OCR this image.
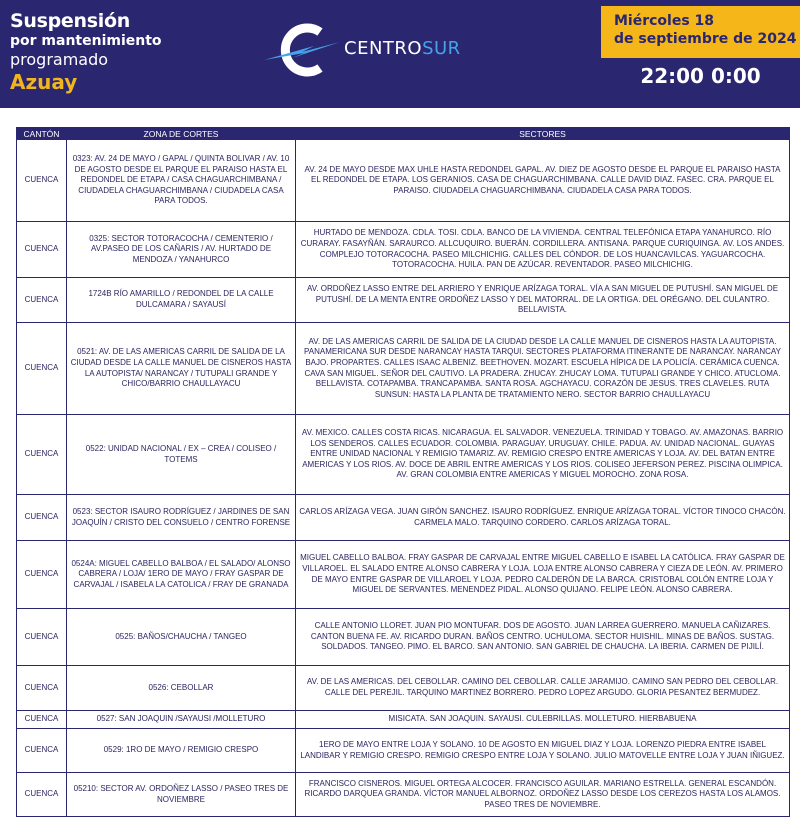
Suspensión
por mantenimiento
programado
Azuay
CENTROSUR
Miércoles 18
de septiembre de 2024
22:00 0:00
CANTÓN	ZONA DE CORTES	SECTORES
CUENCA	0323: AV. 24 DE MAYO / GAPAL / QUINTA BOLIVAR / AV. 10 DE AGOSTO DESDE EL PARQUE EL PARAISO HASTA EL REDONDEL DE ETAPA / CASA CHAGUARCHIMBANA / CIUDADELA CHAGUARCHIMBANA / CIUDADELA CASA PARA TODOS.	AV. 24 DE MAYO DESDE MAX UHLE HASTA REDONDEL GAPAL. AV. DIEZ DE AGOSTO DESDE EL PARQUE EL PARAISO HASTA EL REDONDEL DE ETAPA. LOS GERANIOS. CASA DE CHAGUARCHIMBANA. CALLE DAVID DIAZ. FASEC. CRA. PARQUE EL PARAISO. CIUDADELA CHAGUARCHIMBANA. CIUDADELA CASA PARA TODOS.
CUENCA	0325: SECTOR TOTORACOCHA / CEMENTERIO / AV.PASEO DE LOS CAÑARIS / AV. HURTADO DE MENDOZA / YANAHURCO	HURTADO DE MENDOZA. CDLA. TOSI. CDLA. BANCO DE LA VIVIENDA. CENTRAL TELEFÓNICA ETAPA YANAHURCO. RÍO CURARAY. FASAYÑÁN. SARAURCO. ALLCUQUIRO. BUERÁN. CORDILLERA. ANTISANA. PARQUE CURIQUINGA. AV. LOS ANDES. COMPLEJO TOTORACOCHA. PASEO MILCHICHIG. CALLES DEL CÓNDOR. DE LOS HUANCAVILCAS. YAGUARCOCHA. TOTORACOCHA. HUILA. PAN DE AZÚCAR. REVENTADOR. PASEO MILCHICHIG.
CUENCA	1724B RÍO AMARILLO / REDONDEL DE LA CALLE DULCAMARA / SAYAUSÍ	AV. ORDOÑEZ LASSO ENTRE DEL ARRIERO Y ENRIQUE ARÍZAGA TORAL. VÍA A SAN MIGUEL DE PUTUSHÍ. SAN MIGUEL DE PUTUSHÍ. DE LA MENTA ENTRE ORDOÑEZ LASSO Y DEL MATORRAL. DE LA ORTIGA. DEL ORÉGANO. DEL CULANTRO. BELLAVISTA.
CUENCA	0521: AV. DE LAS AMERICAS CARRIL DE SALIDA DE LA CIUDAD DESDE LA CALLE MANUEL DE CISNEROS HASTA LA AUTOPISTA/ NARANCAY / TUTUPALI GRANDE Y CHICO/BARRIO CHAULLAYACU	AV. DE LAS AMERICAS CARRIL DE SALIDA DE LA CIUDAD DESDE LA CALLE MANUEL DE CISNEROS HASTA LA AUTOPISTA. PANAMERICANA SUR DESDE NARANCAY HASTA TARQUI. SECTORES PLATAFORMA ITINERANTE DE NARANCAY. NARANCAY BAJO. PROPARTES. CALLES ISAAC ALBENIZ. BEETHOVEN. MOZART. ESCUELA HÍPICA DE LA POLICÍA. CERÁMICA CUENCA. CAVA SAN MIGUEL. SEÑOR DEL CAUTIVO. LA PRADERA. ZHUCAY. ZHUCAY LOMA. TUTUPALI GRANDE Y CHICO. ATUCLOMA. BELLAVISTA. COTAPAMBA. TRANCAPAMBA. SANTA ROSA. AGCHAYACU. CORAZÓN DE JESUS. TRES CLAVELES. RUTA SUNSUN: HASTA LA PLANTA DE TRATAMIENTO NERO. SECTOR BARRIO CHAULLAYACU
CUENCA	0522: UNIDAD NACIONAL / EX – CREA / COLISEO / TOTEMS	AV. MEXICO. CALLES COSTA RICAS. NICARAGUA. EL SALVADOR. VENEZUELA. TRINIDAD Y TOBAGO. AV. AMAZONAS. BARRIO LOS SENDEROS. CALLES ECUADOR. COLOMBIA. PARAGUAY. URUGUAY. CHILE. PADUA. AV. UNIDAD NACIONAL. GUAYAS ENTRE UNIDAD NACIONAL Y REMIGIO TAMARIZ. AV. REMIGIO CRESPO ENTRE AMERICAS Y LOJA. AV. DEL BATAN ENTRE AMERICAS Y LOS RIOS. AV. DOCE DE ABRIL ENTRE AMERICAS Y LOS RIOS. COLISEO JEFERSON PEREZ. PISCINA OLIMPICA. AV. GRAN COLOMBIA ENTRE AMERICAS Y MIGUEL MOROCHO. ZONA ROSA.
CUENCA	0523: SECTOR ISAURO RODRÍGUEZ / JARDINES DE SAN JOAQUÍN / CRISTO DEL CONSUELO / CENTRO FORENSE	CARLOS ARÍZAGA VEGA. JUAN GIRÓN SANCHEZ. ISAURO RODRÍGUEZ. ENRIQUE ARÍZAGA TORAL. VÍCTOR TINOCO CHACÓN. CARMELA MALO. TARQUINO CORDERO. CARLOS ARÍZAGA TORAL.
CUENCA	0524A: MIGUEL CABELLO BALBOA / EL SALADO/ ALONSO CABRERA / LOJA/ 1ERO DE MAYO / FRAY GASPAR DE CARVAJAL / ISABELA LA CATOLICA / FRAY DE GRANADA	MIGUEL CABELLO BALBOA. FRAY GASPAR DE CARVAJAL ENTRE MIGUEL CABELLO E ISABEL LA CATÓLICA. FRAY GASPAR DE VILLAROEL. EL SALADO ENTRE ALONSO CABRERA Y LOJA. LOJA ENTRE ALONSO CABRERA Y CIEZA DE LEÓN. AV. PRIMERO DE MAYO ENTRE GASPAR DE VILLAROEL Y LOJA. PEDRO CALDERÓN DE LA BARCA. CRISTOBAL COLÓN ENTRE LOJA Y MIGUEL DE SERVANTES. MENENDEZ PIDAL. ALONSO QUIJANO. FELIPE LEÓN. ALONSO CABRERA.
CUENCA	0525: BAÑOS/CHAUCHA / TANGEO	CALLE ANTONIO LLORET. JUAN PIO MONTUFAR. DOS DE AGOSTO. JUAN LARREA GUERRERO. MANUELA CAÑIZARES. CANTON BUENA FE. AV. RICARDO DURAN. BAÑOS CENTRO. UCHULOMA. SECTOR HUISHIL. MINAS DE BAÑOS. SUSTAG. SOLDADOS. TANGEO. PIMO. EL BARCO. SAN ANTONIO. SAN GABRIEL DE CHAUCHA. LA IBERIA. CARMEN DE PIJILÍ.
CUENCA	0526: CEBOLLAR	AV. DE LAS AMERICAS. DEL CEBOLLAR. CAMINO DEL CEBOLLAR. CALLE JARAMIJO. CAMINO SAN PEDRO DEL CEBOLLAR. CALLE DEL PEREJIL. TARQUINO MARTINEZ BORRERO. PEDRO LOPEZ ARGUDO. GLORIA PESANTEZ BERMUDEZ.
CUENCA	0527: SAN JOAQUIN /SAYAUSI /MOLLETURO	MISICATA. SAN JOAQUIN. SAYAUSI. CULEBRILLAS. MOLLETURO. HIERBABUENA
CUENCA	0529: 1RO DE MAYO / REMIGIO CRESPO	1ERO DE MAYO ENTRE LOJA Y SOLANO. 10 DE AGOSTO EN MIGUEL DIAZ Y LOJA. LORENZO PIEDRA ENTRE ISABEL LANDIBAR Y REMIGIO CRESPO. REMIGIO CRESPO ENTRE LOJA Y SOLANO. JULIO MATOVELLE ENTRE LOJA Y JUAN IÑIGUEZ.
CUENCA	05210: SECTOR AV. ORDOÑEZ LASSO / PASEO TRES DE NOVIEMBRE	FRANCISCO CISNEROS. MIGUEL ORTEGA ALCOCER. FRANCISCO AGUILAR. MARIANO ESTRELLA. GENERAL ESCANDÓN. RICARDO DARQUEA GRANDA. VÍCTOR MANUEL ALBORNOZ. ORDOÑEZ LASSO DESDE LOS CEREZOS HASTA LOS ALAMOS. PASEO TRES DE NOVIEMBRE.
